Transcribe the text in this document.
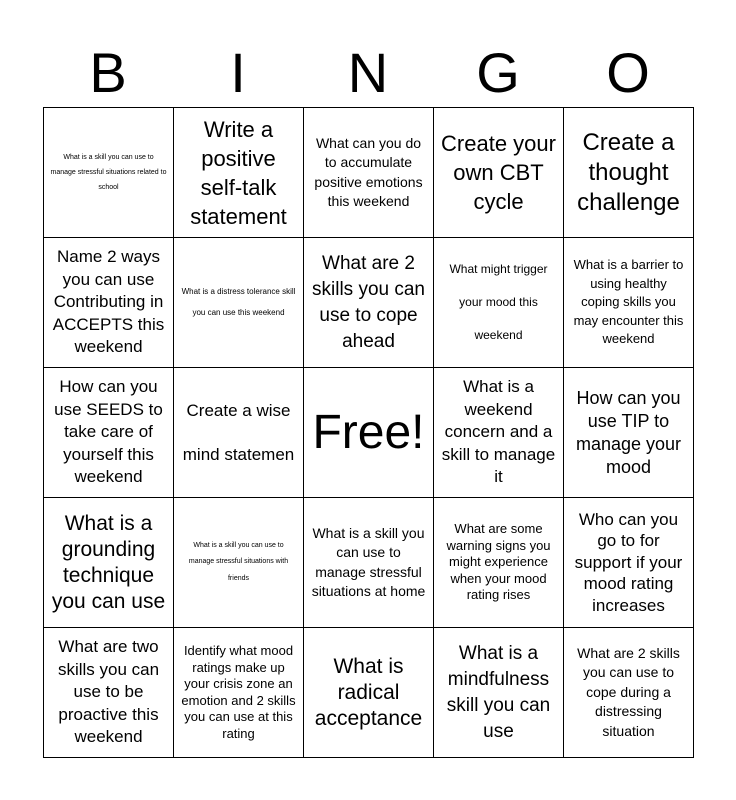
B	I	N	G	O
What is a skill you can use to manage stressful situations related to school	Write a positive self-talk statement	What can you do to accumulate positive emotions this weekend	Create your own CBT cycle	Create a thought challenge

Name 2 ways you can use Contributing in ACCEPTS this weekend	What is a distress tolerance skill you can use this weekend	What are 2 skills you can use to cope ahead	What might trigger your mood this weekend	What is a barrier to using healthy coping skills you may encounter this weekend

How can you use SEEDS to take care of yourself this weekend	Create a wise mind statemen	Free!	What is a weekend concern and a skill to manage it	How can you use TIP to manage your mood

What is a grounding technique you can use	What is a skill you can use to manage stressful situations with friends	What is a skill you can use to manage stressful situations at home	What are some warning signs you might experience when your mood rating rises	Who can you go to for support if your mood rating increases

What are two skills you can use to be proactive this weekend	Identify what mood ratings make up your crisis zone an emotion and 2 skills you can use at this rating	What is radical acceptance	What is a mindfulness skill you can use	What are 2 skills you can use to cope during a distressing situation
